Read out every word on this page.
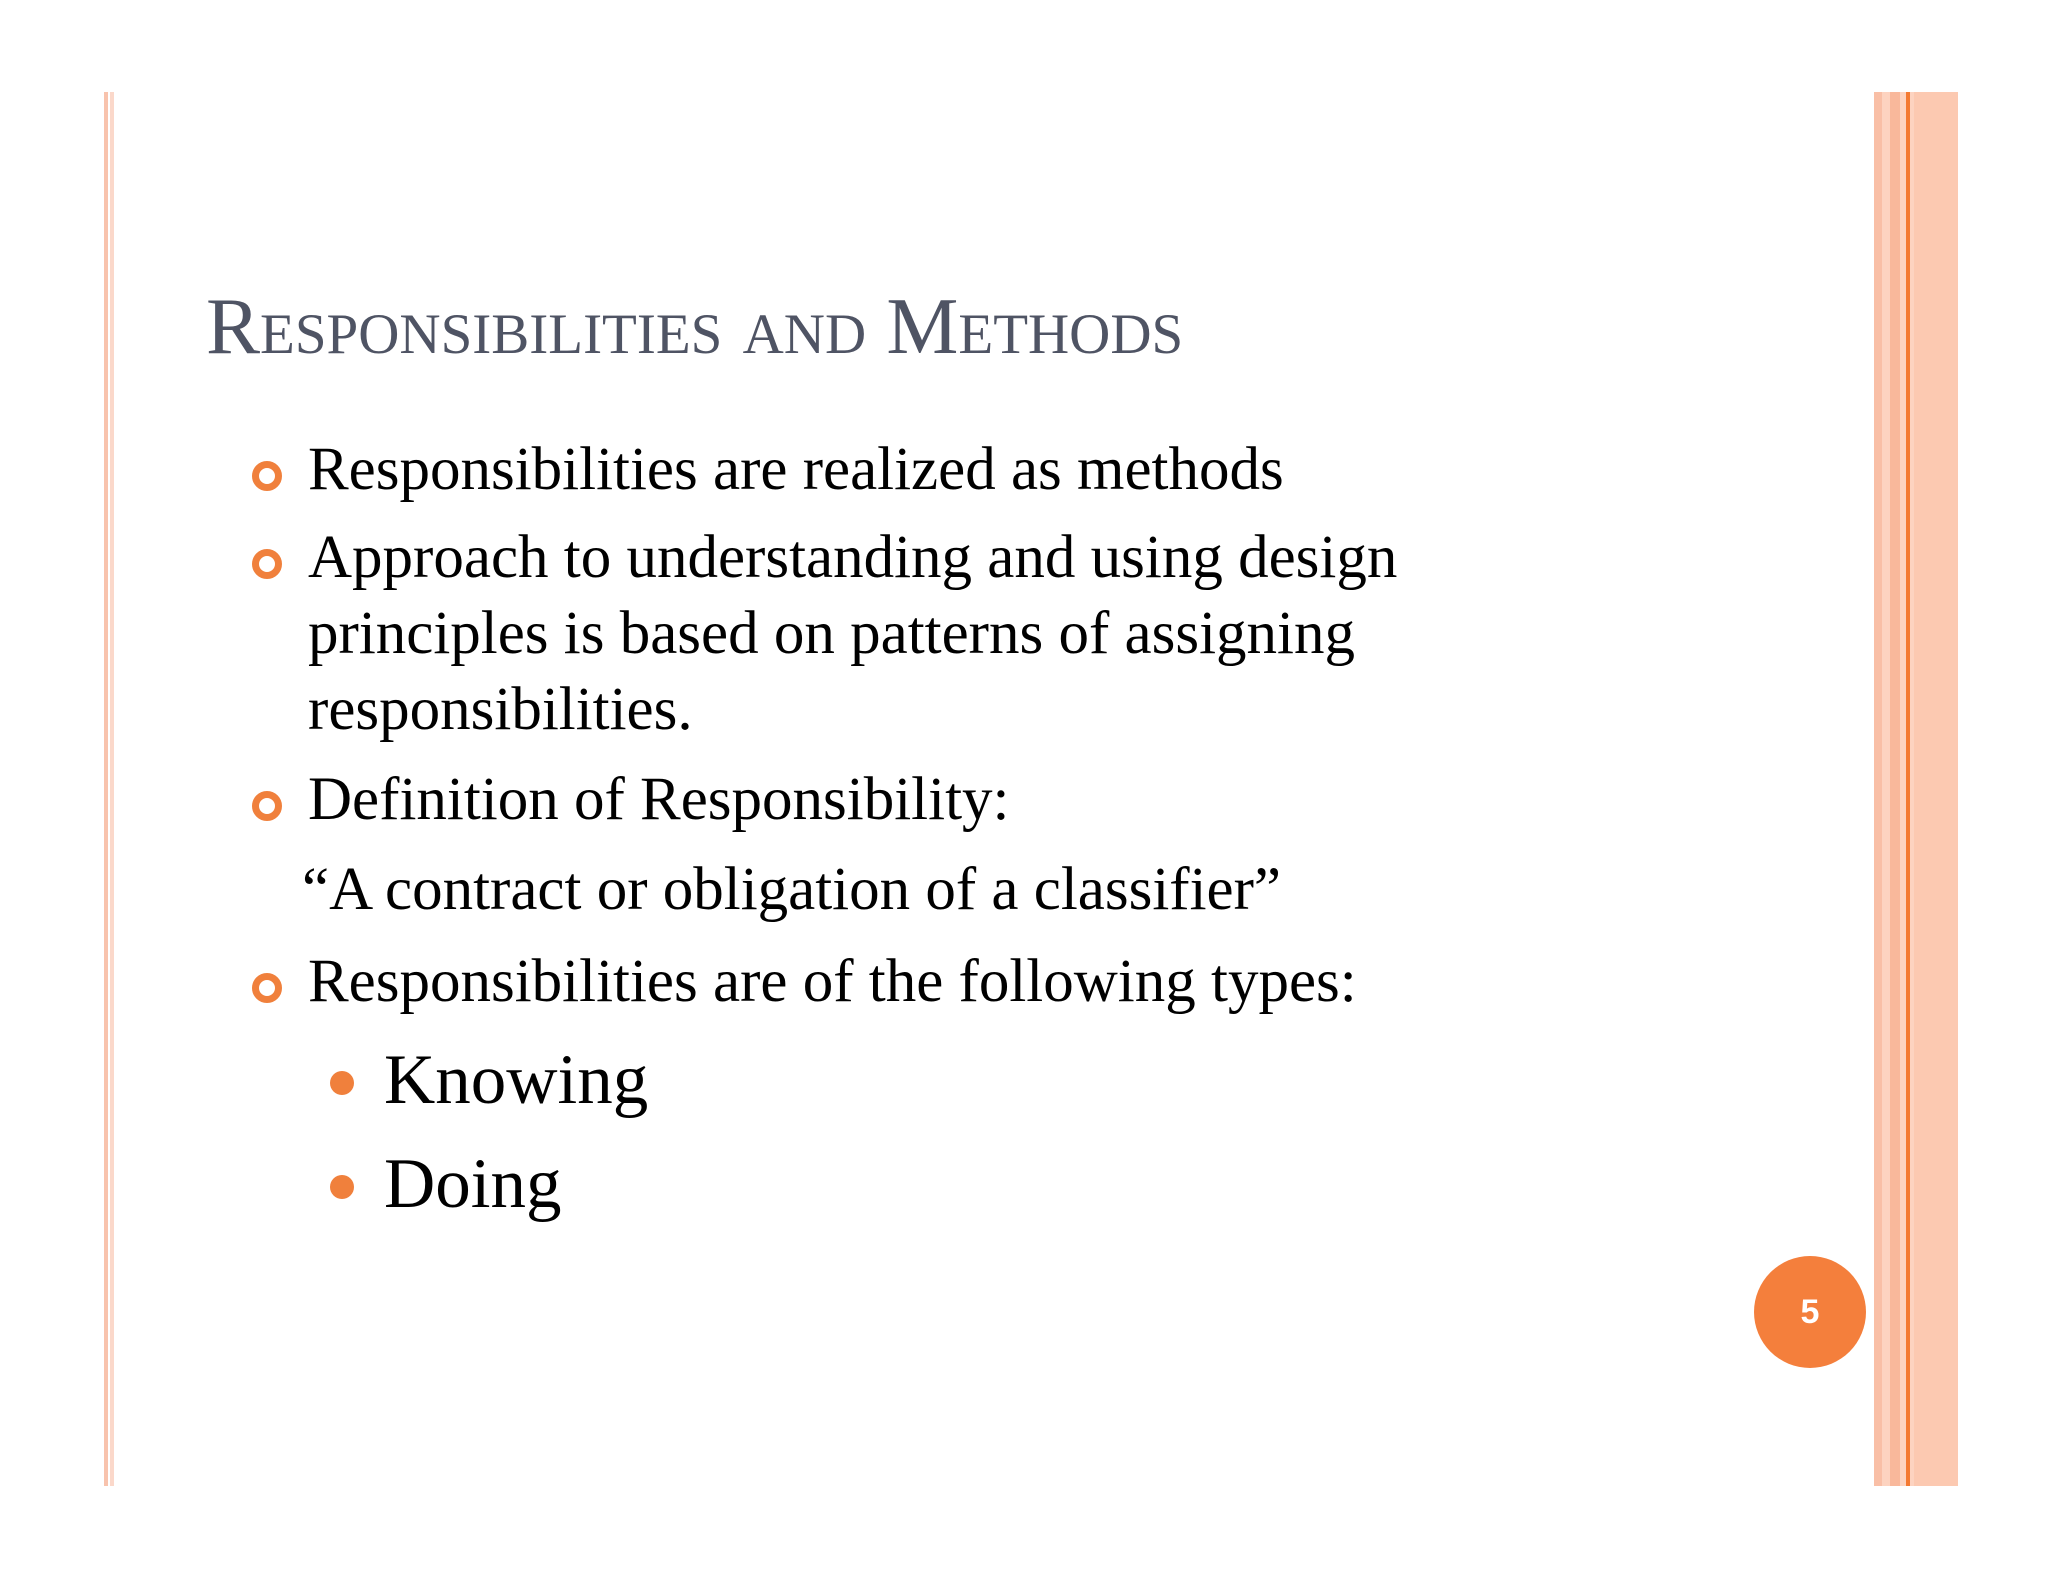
Responsibilities and Methods
Responsibilities are realized as methods
Approach to understanding and using design
principles is based on patterns of assigning
responsibilities.
Definition of Responsibility:
“A contract or obligation of a classifier”
Responsibilities are of the following types:
Knowing
Doing
5
